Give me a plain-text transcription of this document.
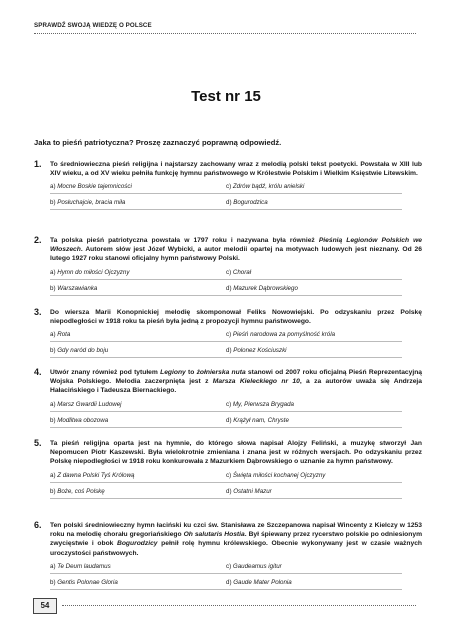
SPRAWDŹ SWOJĄ WIEDZĘ O POLSCE
Test nr 15
Jaka to pieśń patriotyczna? Proszę zaznaczyć poprawną odpowiedź.
1. To średniowieczna pieśń religijna i najstarszy zachowany wraz z melodią polski tekst poetycki. Powstała w XIII lub XIV wieku, a od XV wieku pełniła funkcję hymnu państwowego w Królestwie Polskim i Wielkim Księstwie Litewskim.
a) Mocne Boskie tajemnicości	c) Zdrów bądź, królu anielski
b) Posłuchajcie, bracia miła	d) Bogurodzica
2. Ta polska pieśń patriotyczna powstała w 1797 roku i nazywana była również Pieśnią Legionów Polskich we Włoszech. Autorem słów jest Józef Wybicki, a autor melodii opartej na motywach ludowych jest nieznany. Od 26 lutego 1927 roku stanowi oficjalny hymn państwowy Polski.
a) Hymn do miłości Ojczyzny	c) Chorał
b) Warszawianka	d) Mazurek Dąbrowskiego
3. Do wiersza Marii Konopnickiej melodię skomponował Feliks Nowowiejski. Po odzyskaniu przez Polskę niepodległości w 1918 roku ta pieśń była jedną z propozycji hymnu państwowego.
a) Rota	c) Pieśń narodowa za pomyślność króla
b) Gdy naród do boju	d) Polonez Kościuszki
4. Utwór znany również pod tytułem Legiony to żołnierska nuta stanowi od 2007 roku oficjalną Pieśń Reprezentacyjną Wojska Polskiego. Melodia zaczerpnięta jest z Marsza Kieleckiego nr 10, a za autorów uważa się Andrzeja Hałacińskiego i Tadeusza Biernackiego.
a) Marsz Gwardii Ludowej	c) My, Pierwsza Brygada
b) Modlitwa obozowa	d) Krążył nam, Chryste
5. Ta pieśń religijna oparta jest na hymnie, do którego słowa napisał Alojzy Feliński, a muzykę stworzył Jan Nepomucen Piotr Kaszewski. Była wielokrotnie zmieniana i znana jest w różnych wersjach. Po odzyskaniu przez Polskę niepodległości w 1918 roku konkurowała z Mazurkiem Dąbrowskiego o uznanie za hymn państwowy.
a) Z dawna Polski Tyś Królową	c) Święta miłości kochanej Ojczyzny
b) Boże, coś Polskę	d) Ostatni Mazur
6. Ten polski średniowieczny hymn łaciński ku czci św. Stanisława ze Szczepanowa napisał Wincenty z Kielczy w 1253 roku na melodię chorału gregoriańskiego Oh salutaris Hostia. Był śpiewany przez rycerstwo polskie po odniesionym zwycięstwie i obok Bogurodzicy pełnił rolę hymnu królewskiego. Obecnie wykonywany jest w czasie ważnych uroczystości państwowych.
a) Te Deum laudamus	c) Gaudeamus igitur
b) Gentis Polonae Gloria	d) Gaude Mater Polonia
54
